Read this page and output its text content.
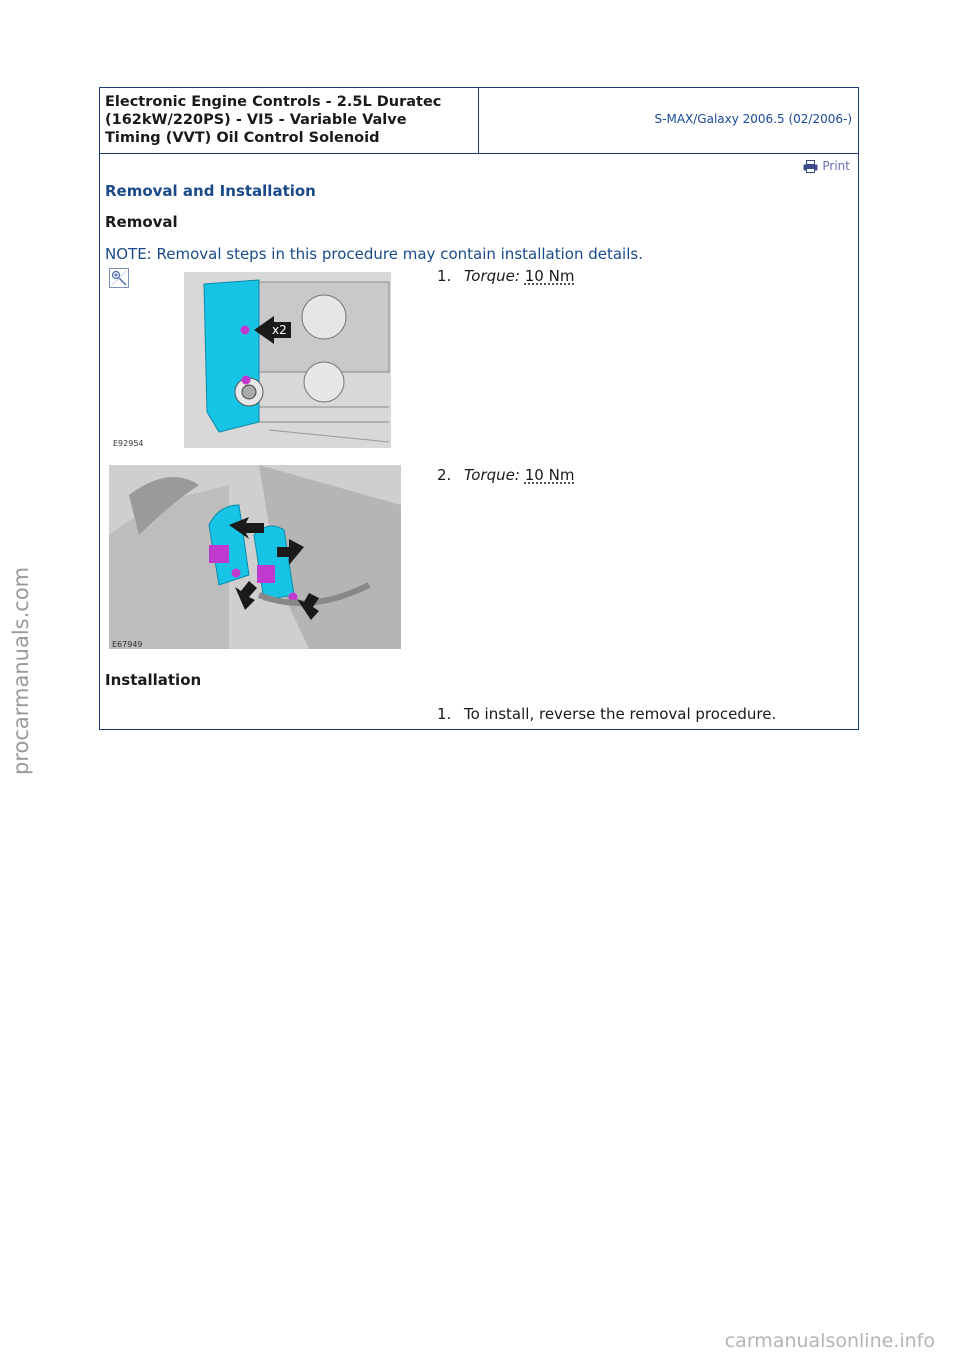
Electronic Engine Controls - 2.5L Duratec
(162kW/220PS) - VI5 - Variable Valve
Timing (VVT) Oil Control Solenoid
S-MAX/Galaxy 2006.5 (02/2006-)
Print
Removal and Installation
Removal
NOTE: Removal steps in this procedure may contain installation details.
x2
E92954
1. Torque: 10 Nm
E67949
2. Torque: 10 Nm
Installation
1. To install, reverse the removal procedure.
procarmanuals.com
carmanualsonline.info
